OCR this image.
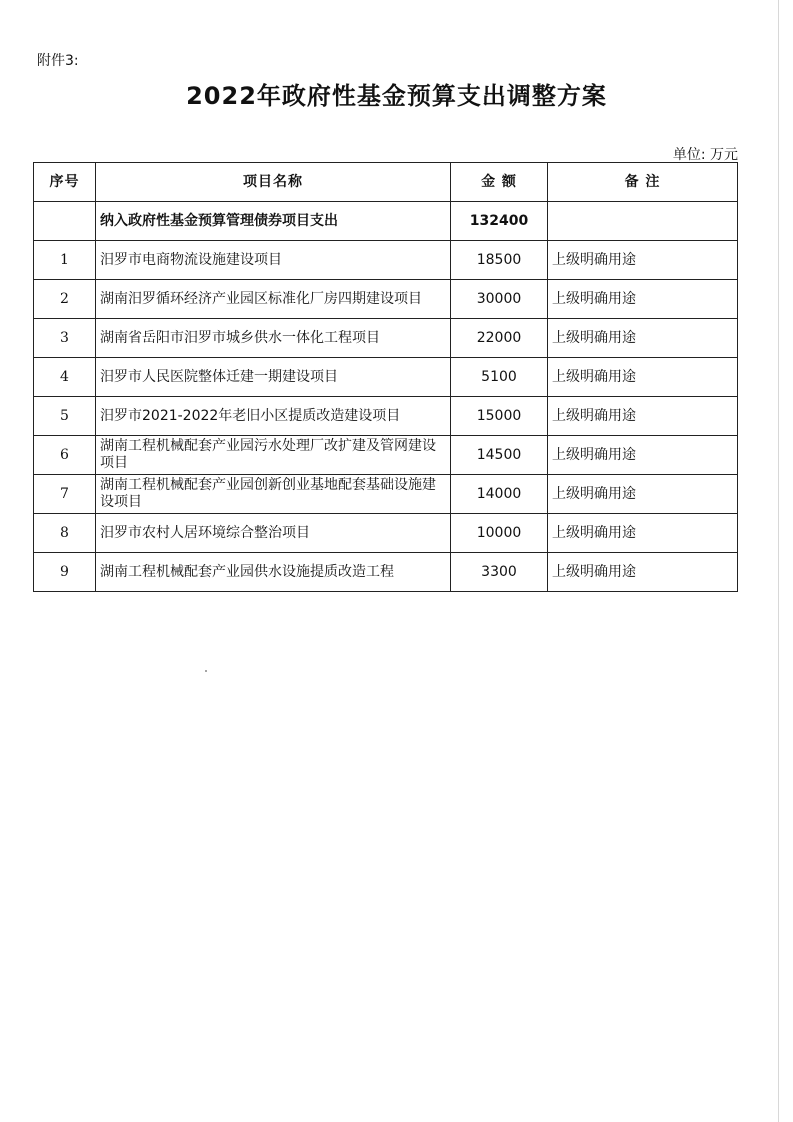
附件3:
2022年政府性基金预算支出调整方案
单位: 万元
序号	项目名称	金 额	备 注
	纳入政府性基金预算管理债券项目支出	132400	
1	汨罗市电商物流设施建设项目	18500	上级明确用途
2	湖南汨罗循环经济产业园区标准化厂房四期建设项目	30000	上级明确用途
3	湖南省岳阳市汨罗市城乡供水一体化工程项目	22000	上级明确用途
4	汨罗市人民医院整体迁建一期建设项目	5100	上级明确用途
5	汨罗市2021-2022年老旧小区提质改造建设项目	15000	上级明确用途
6	湖南工程机械配套产业园污水处理厂改扩建及管网建设项目	14500	上级明确用途
7	湖南工程机械配套产业园创新创业基地配套基础设施建设项目	14000	上级明确用途
8	汨罗市农村人居环境综合整治项目	10000	上级明确用途
9	湖南工程机械配套产业园供水设施提质改造工程	3300	上级明确用途
